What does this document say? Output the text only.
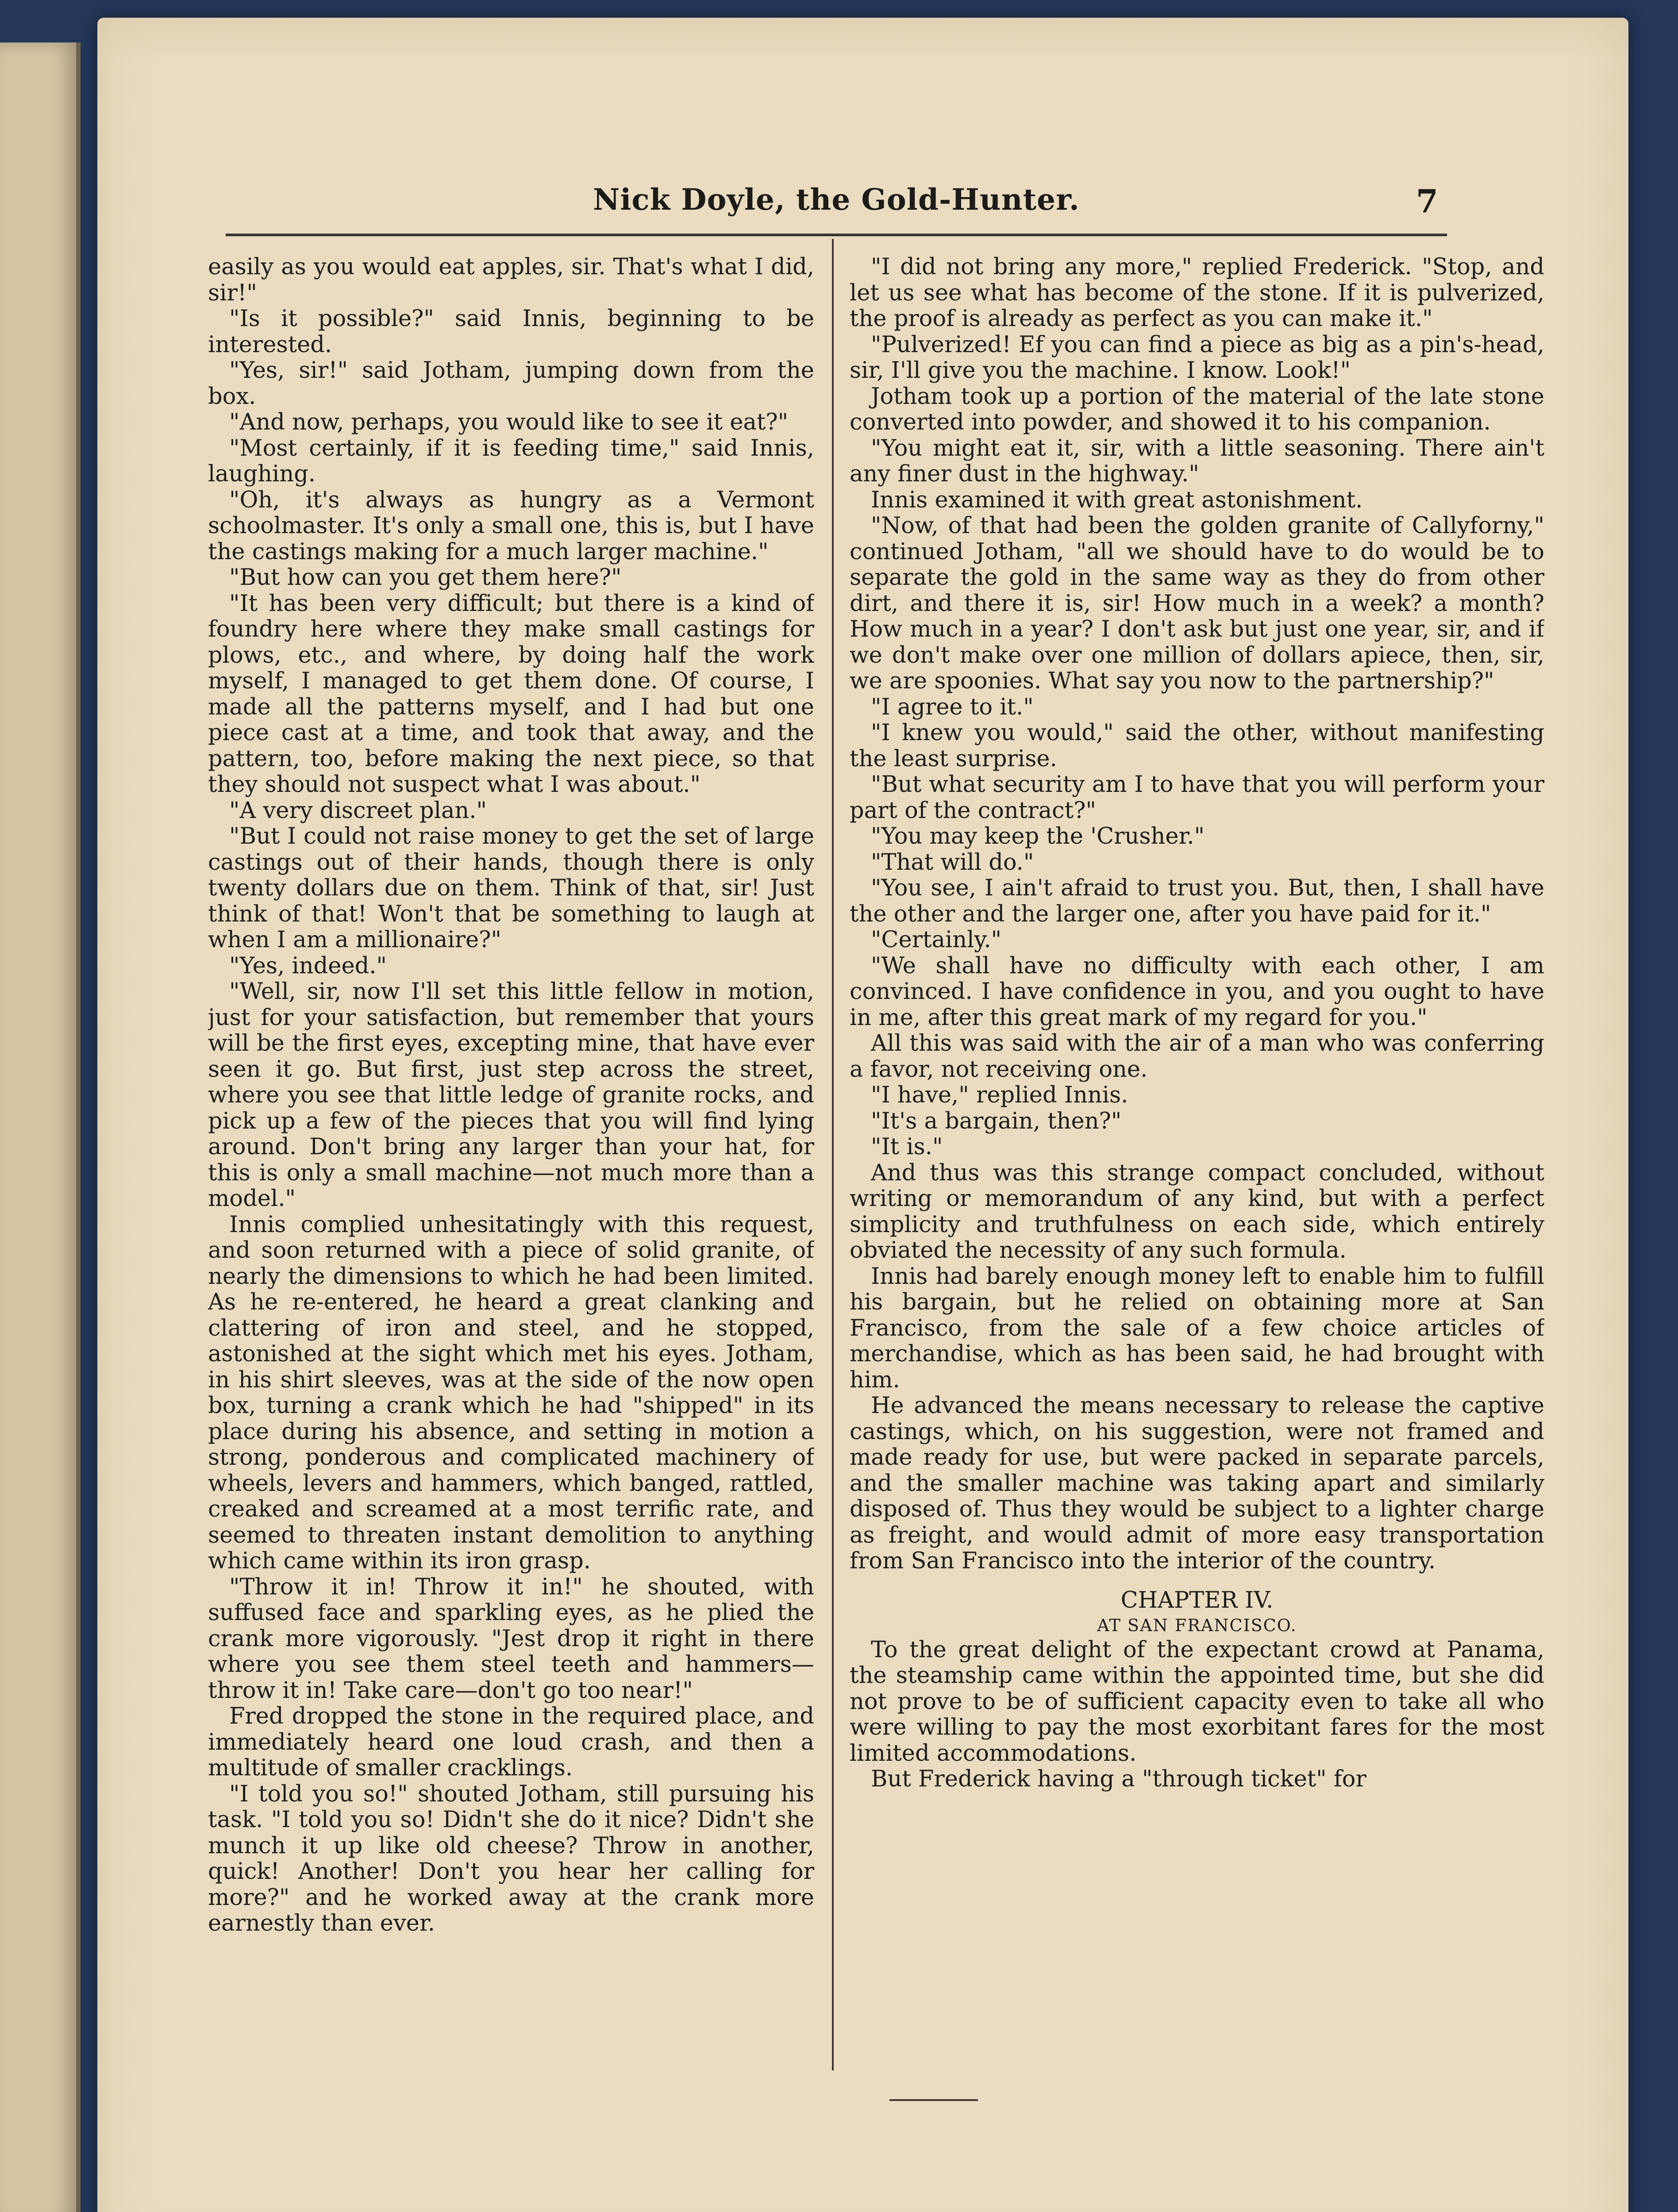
Nick Doyle, the Gold-Hunter.	7

easily as you would eat apples, sir. That's what I did, sir!"

"Is it possible?" said Innis, beginning to be interested.

"Yes, sir!" said Jotham, jumping down from the box.

"And now, perhaps, you would like to see it eat?"

"Most certainly, if it is feeding time," said Innis, laughing.

"Oh, it's always as hungry as a Vermont schoolmaster. It's only a small one, this is, but I have the castings making for a much larger machine."

"But how can you get them here?"

"It has been very difficult; but there is a kind of foundry here where they make small castings for plows, etc., and where, by doing half the work myself, I managed to get them done. Of course, I made all the patterns myself, and I had but one piece cast at a time, and took that away, and the pattern, too, before making the next piece, so that they should not suspect what I was about."

"A very discreet plan."

"But I could not raise money to get the set of large castings out of their hands, though there is only twenty dollars due on them. Think of that, sir! Just think of that! Won't that be something to laugh at when I am a millionaire?"

"Yes, indeed."

"Well, sir, now I'll set this little fellow in motion, just for your satisfaction, but remember that yours will be the first eyes, excepting mine, that have ever seen it go. But first, just step across the street, where you see that little ledge of granite rocks, and pick up a few of the pieces that you will find lying around. Don't bring any larger than your hat, for this is only a small machine—not much more than a model."

Innis complied unhesitatingly with this request, and soon returned with a piece of solid granite, of nearly the dimensions to which he had been limited. As he re-entered, he heard a great clanking and clattering of iron and steel, and he stopped, astonished at the sight which met his eyes. Jotham, in his shirt sleeves, was at the side of the now open box, turning a crank which he had "shipped" in its place during his absence, and setting in motion a strong, ponderous and complicated machinery of wheels, levers and hammers, which banged, rattled, creaked and screamed at a most terrific rate, and seemed to threaten instant demolition to anything which came within its iron grasp.

"Throw it in! Throw it in!" he shouted, with suffused face and sparkling eyes, as he plied the crank more vigorously. "Jest drop it right in there where you see them steel teeth and hammers—throw it in! Take care—don't go too near!"

Fred dropped the stone in the required place, and immediately heard one loud crash, and then a multitude of smaller cracklings.

"I told you so!" shouted Jotham, still pursuing his task. "I told you so! Didn't she do it nice? Didn't she munch it up like old cheese? Throw in another, quick! Another! Don't you hear her calling for more?" and he worked away at the crank more earnestly than ever.

"I did not bring any more," replied Frederick. "Stop, and let us see what has become of the stone. If it is pulverized, the proof is already as perfect as you can make it."

"Pulverized! Ef you can find a piece as big as a pin's-head, sir, I'll give you the machine. I know. Look!"

Jotham took up a portion of the material of the late stone converted into powder, and showed it to his companion.

"You might eat it, sir, with a little seasoning. There ain't any finer dust in the highway."

Innis examined it with great astonishment.

"Now, of that had been the golden granite of Callyforny," continued Jotham, "all we should have to do would be to separate the gold in the same way as they do from other dirt, and there it is, sir! How much in a week? a month? How much in a year? I don't ask but just one year, sir, and if we don't make over one million of dollars apiece, then, sir, we are spoonies. What say you now to the partnership?"

"I agree to it."

"I knew you would," said the other, without manifesting the least surprise.

"But what security am I to have that you will perform your part of the contract?"

"You may keep the 'Crusher."

"That will do."

"You see, I ain't afraid to trust you. But, then, I shall have the other and the larger one, after you have paid for it."

"Certainly."

"We shall have no difficulty with each other, I am convinced. I have confidence in you, and you ought to have in me, after this great mark of my regard for you."

All this was said with the air of a man who was conferring a favor, not receiving one.

"I have," replied Innis.

"It's a bargain, then?"

"It is."

And thus was this strange compact concluded, without writing or memorandum of any kind, but with a perfect simplicity and truthfulness on each side, which entirely obviated the necessity of any such formula.

Innis had barely enough money left to enable him to fulfill his bargain, but he relied on obtaining more at San Francisco, from the sale of a few choice articles of merchandise, which as has been said, he had brought with him.

He advanced the means necessary to release the captive castings, which, on his suggestion, were not framed and made ready for use, but were packed in separate parcels, and the smaller machine was taking apart and similarly disposed of. Thus they would be subject to a lighter charge as freight, and would admit of more easy transportation from San Francisco into the interior of the country.

CHAPTER IV.
AT SAN FRANCISCO.

To the great delight of the expectant crowd at Panama, the steamship came within the appointed time, but she did not prove to be of sufficient capacity even to take all who were willing to pay the most exorbitant fares for the most limited accommodations.

But Frederick having a "through ticket" for
